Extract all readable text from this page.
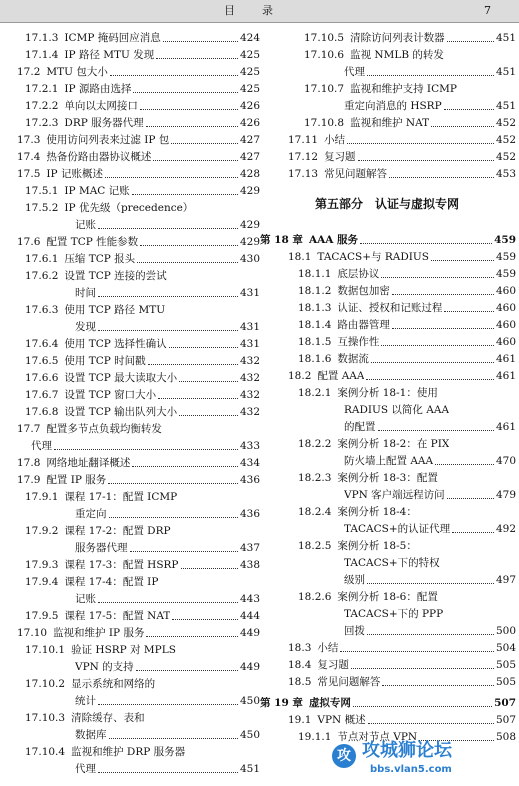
目 录	7
17.1.3 ICMP 掩码回应消息	424
17.1.4 IP 路径 MTU 发现	425
17.2 MTU 包大小	425
17.2.1 IP 源路由选择	425
17.2.2 单向以太网接口	426
17.2.3 DRP 服务器代理	426
17.3 使用访问列表来过滤 IP 包	427
17.4 热备份路由器协议概述	427
17.5 IP 记账概述	428
17.5.1 IP MAC 记账	429
17.5.2 IP 优先级（precedence）
记账	429
17.6 配置 TCP 性能参数	429
17.6.1 压缩 TCP 报头	430
17.6.2 设置 TCP 连接的尝试
时间	431
17.6.3 使用 TCP 路径 MTU
发现	431
17.6.4 使用 TCP 选择性确认	431
17.6.5 使用 TCP 时间戳	432
17.6.6 设置 TCP 最大读取大小	432
17.6.7 设置 TCP 窗口大小	432
17.6.8 设置 TCP 输出队列大小	432
17.7 配置多节点负载均衡转发
代理	433
17.8 网络地址翻译概述	434
17.9 配置 IP 服务	436
17.9.1 课程 17-1：配置 ICMP
重定向	436
17.9.2 课程 17-2：配置 DRP
服务器代理	437
17.9.3 课程 17-3：配置 HSRP	438
17.9.4 课程 17-4：配置 IP
记账	443
17.9.5 课程 17-5：配置 NAT	444
17.10 监视和维护 IP 服务	449
17.10.1 验证 HSRP 对 MPLS
VPN 的支持	449
17.10.2 显示系统和网络的
统计	450
17.10.3 清除缓存、表和
数据库	450
17.10.4 监视和维护 DRP 服务器
代理	451
17.10.5 清除访问列表计数器	451
17.10.6 监视 NMLB 的转发
代理	451
17.10.7 监视和维护支持 ICMP
重定向消息的 HSRP	451
17.10.8 监视和维护 NAT	452
17.11 小结	452
17.12 复习题	452
17.13 常见问题解答	453
第五部分　认证与虚拟专网
第 18 章 AAA 服务	459
18.1 TACACS+与 RADIUS	459
18.1.1 底层协议	459
18.1.2 数据包加密	460
18.1.3 认证、授权和记账过程	460
18.1.4 路由器管理	460
18.1.5 互操作性	460
18.1.6 数据流	461
18.2 配置 AAA	461
18.2.1 案例分析 18-1：使用
RADIUS 以简化 AAA
的配置	461
18.2.2 案例分析 18-2：在 PIX
防火墙上配置 AAA	470
18.2.3 案例分析 18-3：配置
VPN 客户端远程访问	479
18.2.4 案例分析 18-4：
TACACS+的认证代理	492
18.2.5 案例分析 18-5：
TACACS+下的特权
级别	497
18.2.6 案例分析 18-6：配置
TACACS+下的 PPP
回拨	500
18.3 小结	504
18.4 复习题	505
18.5 常见问题解答	505
第 19 章 虚拟专网	507
19.1 VPN 概述	507
19.1.1 节点对节点 VPN	508
攻 攻城狮论坛
bbs.vlan5.com
